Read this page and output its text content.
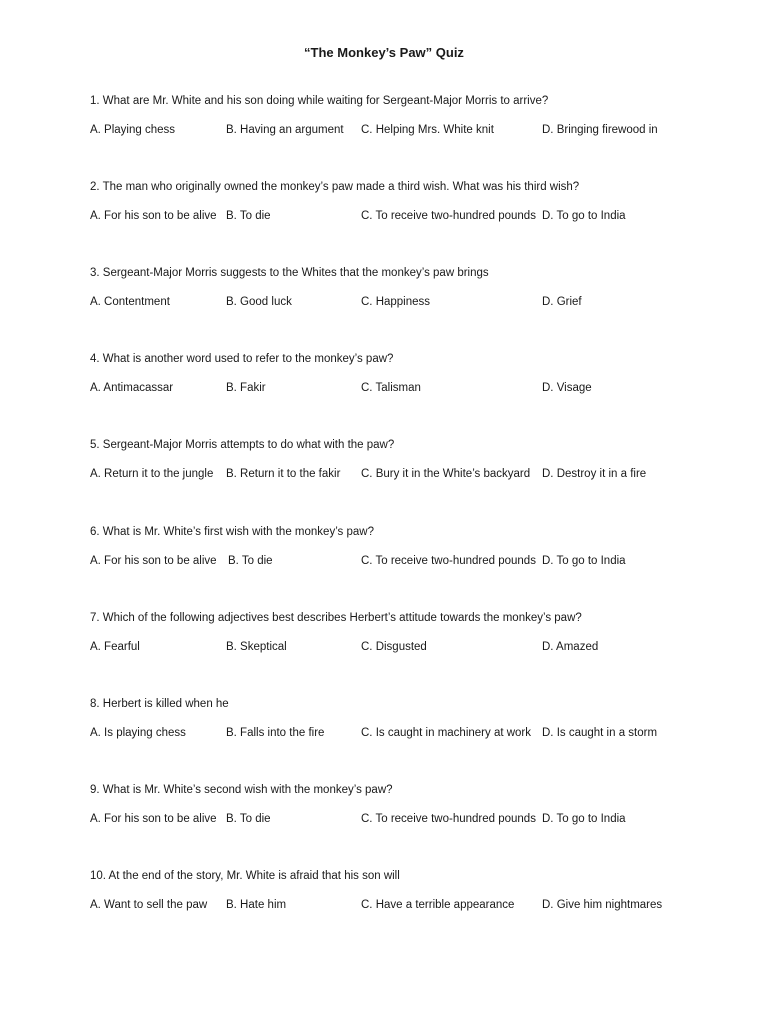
“The Monkey’s Paw” Quiz
1. What are Mr. White and his son doing while waiting for Sergeant-Major Morris to arrive?
A. Playing chess	B. Having an argument C. Helping Mrs. White knit	D. Bringing firewood in
2. The man who originally owned the monkey’s paw made a third wish. What was his third wish?
A. For his son to be alive B. To die	C. To receive two-hundred pounds D. To go to India
3. Sergeant-Major Morris suggests to the Whites that the monkey’s paw brings
A. Contentment	B. Good luck	C. Happiness	D. Grief
4. What is another word used to refer to the monkey’s paw?
A. Antimacassar	B. Fakir	C. Talisman	D. Visage
5. Sergeant-Major Morris attempts to do what with the paw?
A. Return it to the jungle B. Return it to the fakir C. Bury it in the White’s backyard D. Destroy it in a fire
6. What is Mr. White’s first wish with the monkey’s paw?
A. For his son to be alive B. To die	C. To receive two-hundred pounds D. To go to India
7. Which of the following adjectives best describes Herbert’s attitude towards the monkey’s paw?
A. Fearful	B. Skeptical	C. Disgusted	D. Amazed
8. Herbert is killed when he
A. Is playing chess	B. Falls into the fire	C. Is caught in machinery at work D. Is caught in a storm
9. What is Mr. White’s second wish with the monkey’s paw?
A. For his son to be alive B. To die	C. To receive two-hundred pounds D. To go to India
10. At the end of the story, Mr. White is afraid that his son will
A. Want to sell the paw B. Hate him	C. Have a terrible appearance D. Give him nightmares
